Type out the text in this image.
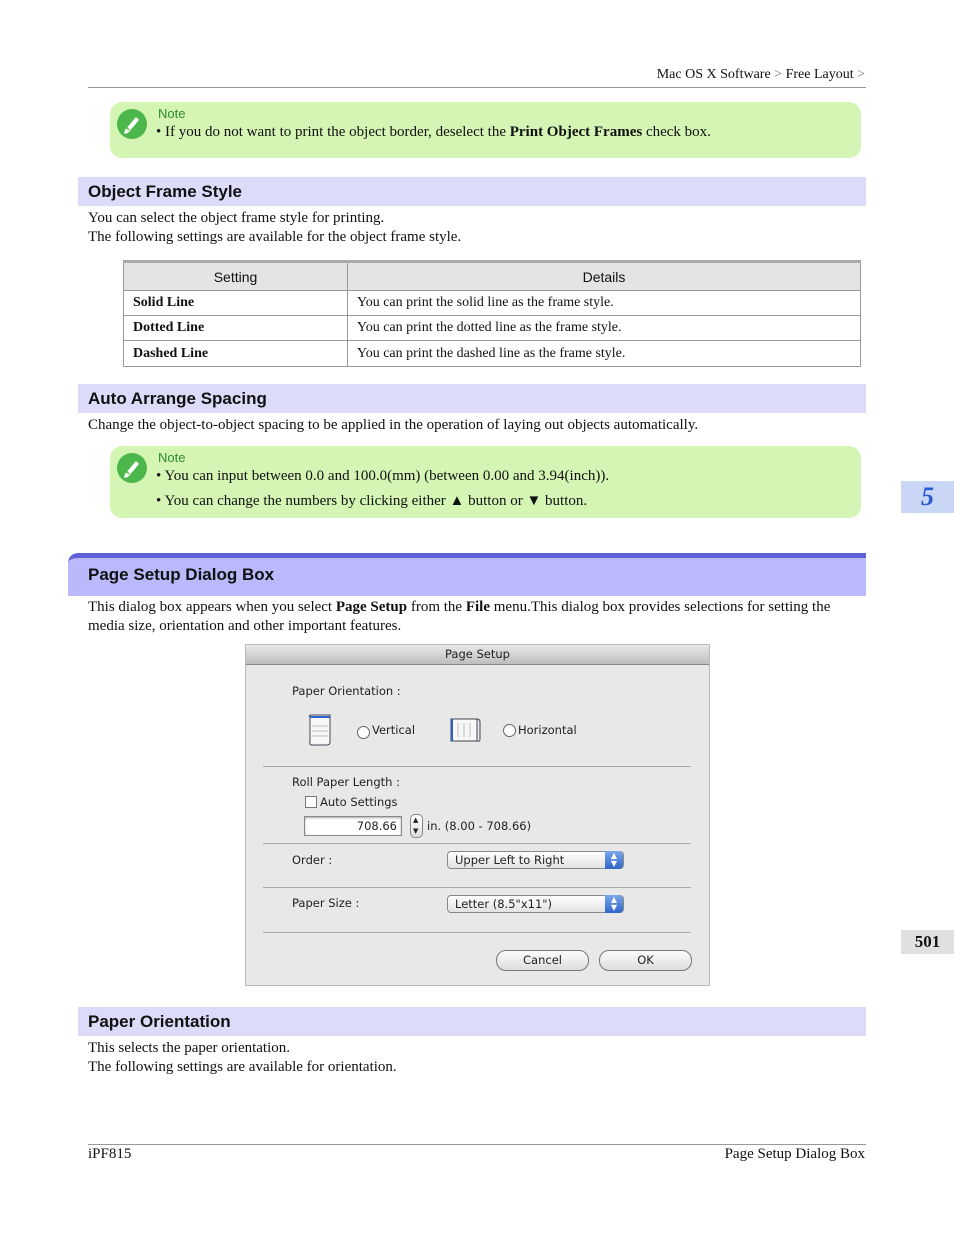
Mac OS X Software > Free Layout >
Note
• If you do not want to print the object border, deselect the Print Object Frames check box.
Object Frame Style
You can select the object frame style for printing.
The following settings are available for the object frame style.
Setting	Details
Solid Line	You can print the solid line as the frame style.
Dotted Line	You can print the dotted line as the frame style.
Dashed Line	You can print the dashed line as the frame style.
Auto Arrange Spacing
Change the object-to-object spacing to be applied in the operation of laying out objects automatically.
Note
• You can input between 0.0 and 100.0(mm) (between 0.00 and 3.94(inch)).
• You can change the numbers by clicking either ▲ button or ▼ button.	5
Page Setup Dialog Box
This dialog box appears when you select Page Setup from the File menu.This dialog box provides selections for setting the
media size, orientation and other important features.
Page Setup
Paper Orientation :
Vertical	Horizontal
Roll Paper Length :
Auto Settings
708.66	▲
▼ in. (8.00 - 708.66)
Order :	Upper Left to Right	▲
▼
Paper Size :	Letter (8.5"x11")	▲
▼
Cancel	OK
501
Paper Orientation
This selects the paper orientation.
The following settings are available for orientation.
iPF815	Page Setup Dialog Box
